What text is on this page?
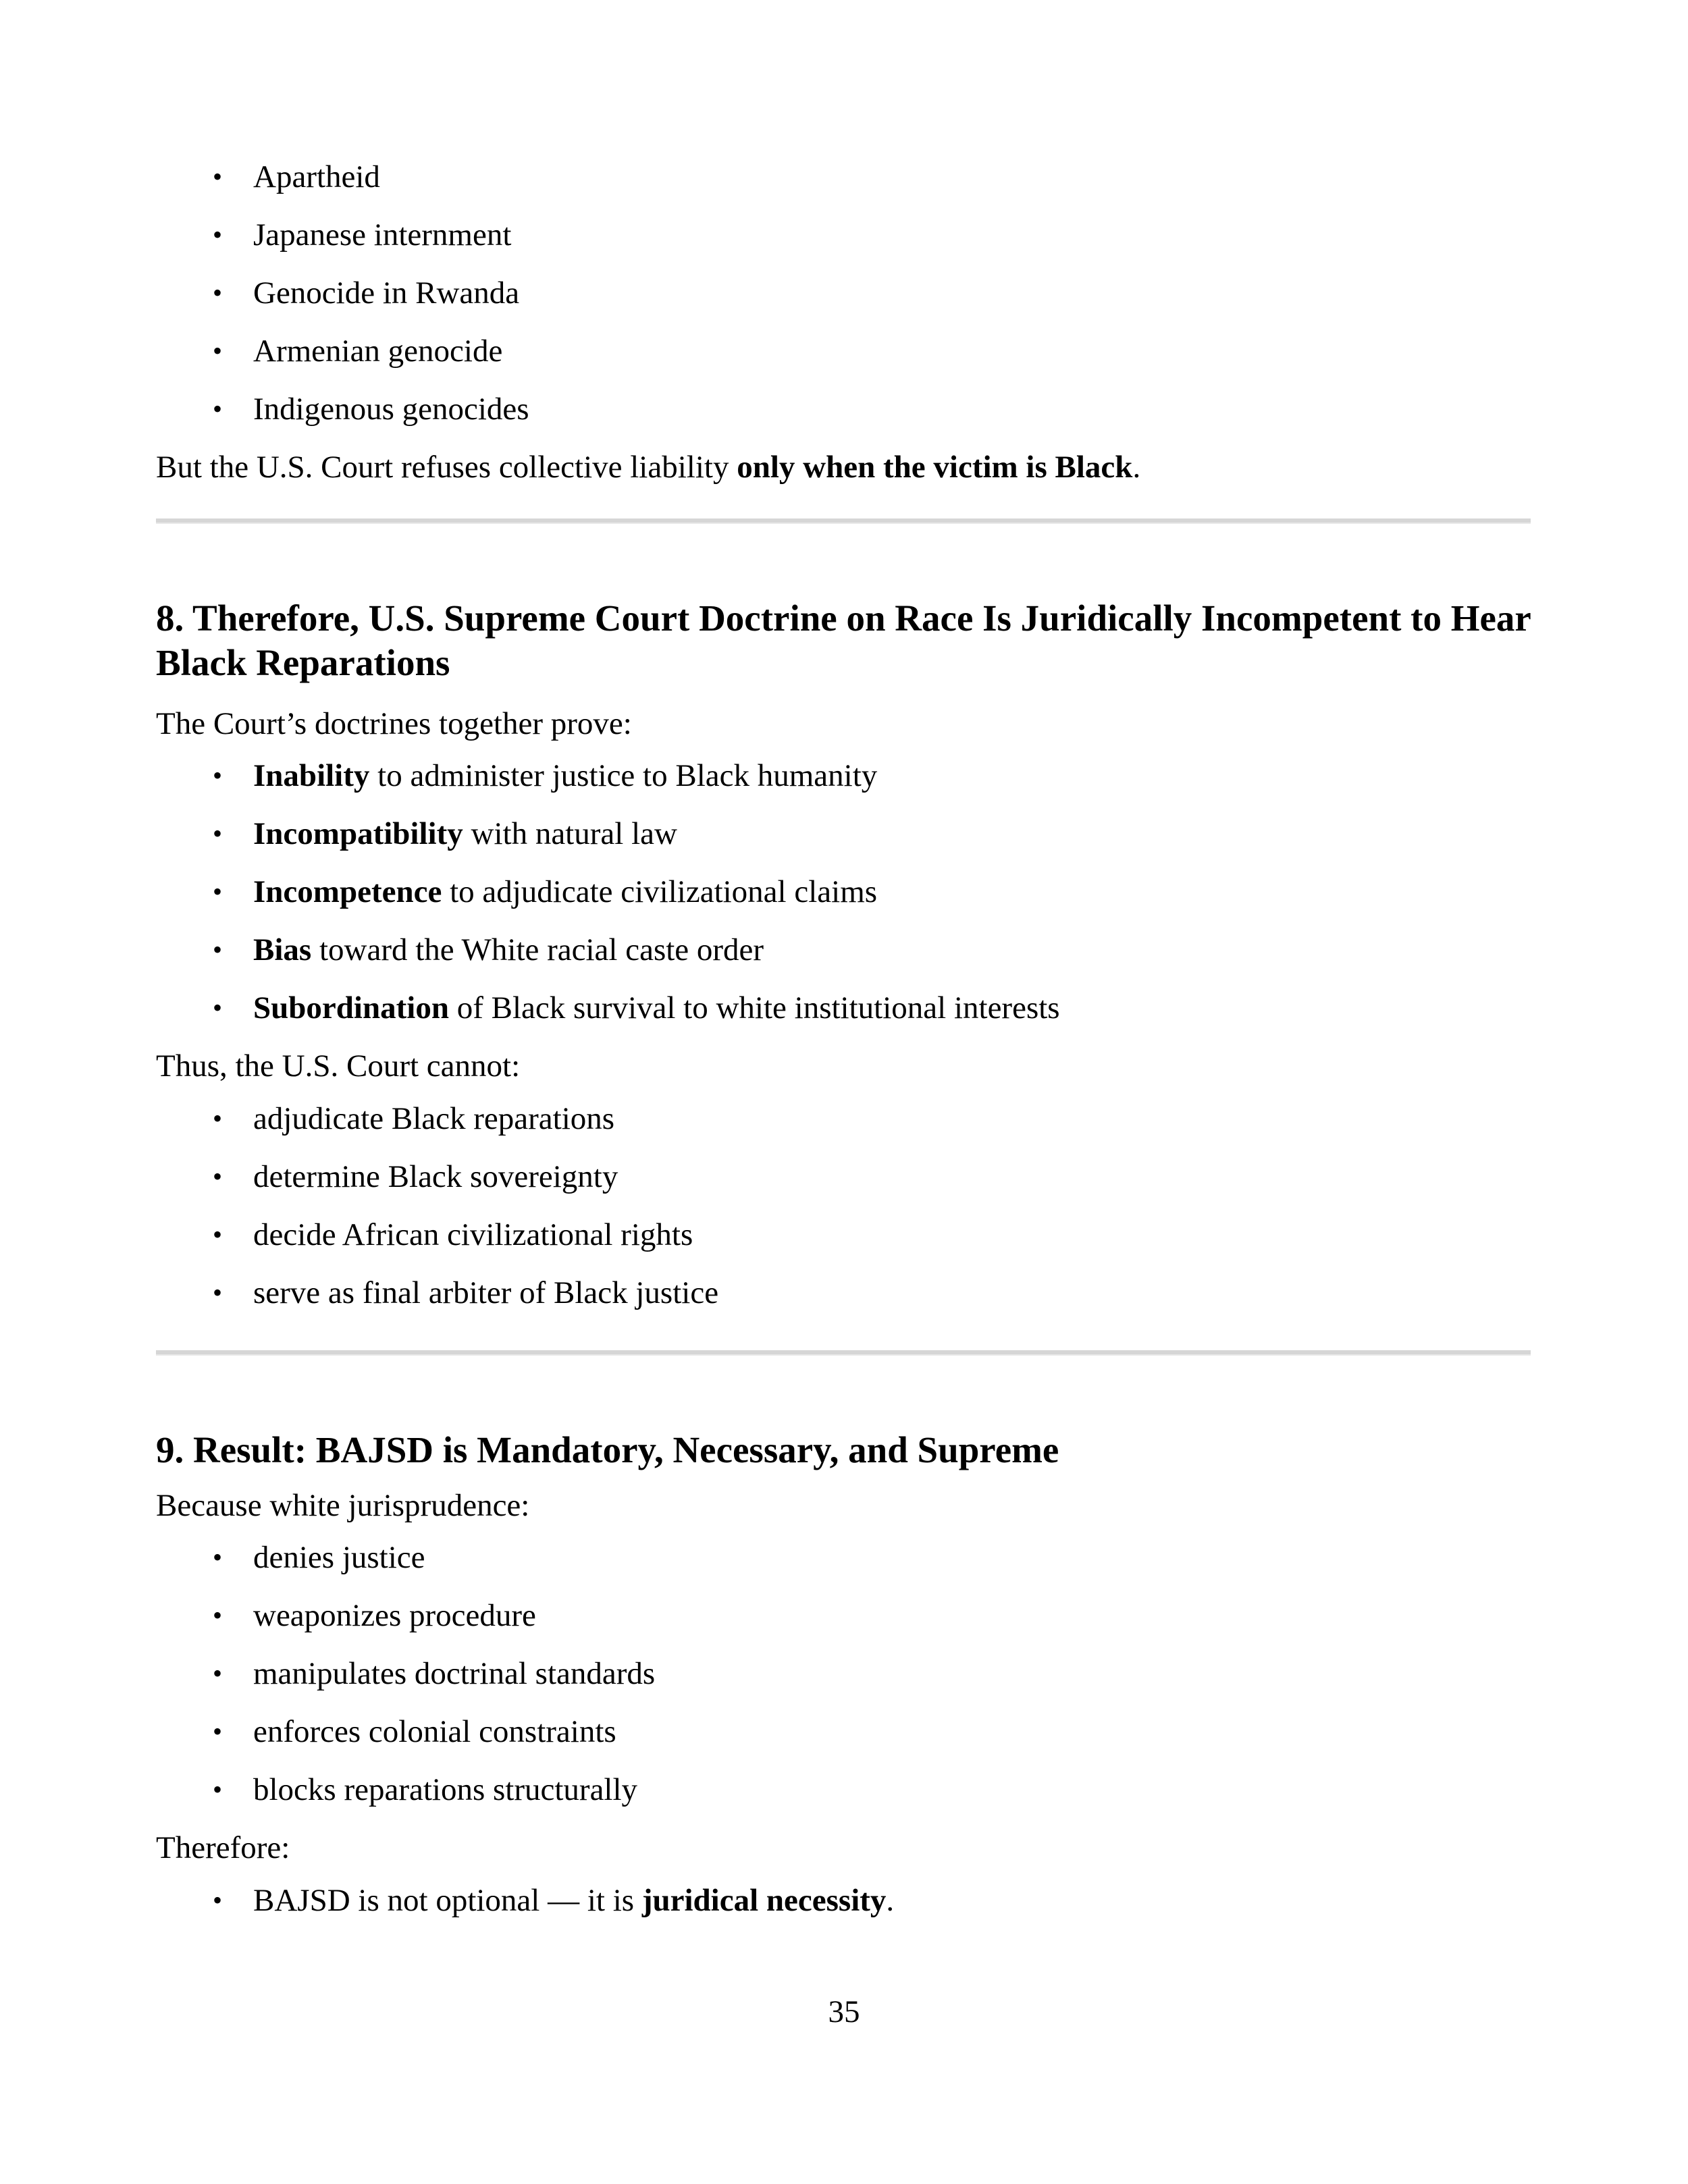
• Apartheid
• Japanese internment
• Genocide in Rwanda
• Armenian genocide
• Indigenous genocides
But the U.S. Court refuses collective liability only when the victim is Black.
8. Therefore, U.S. Supreme Court Doctrine on Race Is Juridically Incompetent to Hear Black Reparations
The Court’s doctrines together prove:
• Inability to administer justice to Black humanity
• Incompatibility with natural law
• Incompetence to adjudicate civilizational claims
• Bias toward the White racial caste order
• Subordination of Black survival to white institutional interests
Thus, the U.S. Court cannot:
• adjudicate Black reparations
• determine Black sovereignty
• decide African civilizational rights
• serve as final arbiter of Black justice
9. Result: BAJSD is Mandatory, Necessary, and Supreme
Because white jurisprudence:
• denies justice
• weaponizes procedure
• manipulates doctrinal standards
• enforces colonial constraints
• blocks reparations structurally
Therefore:
• BAJSD is not optional — it is juridical necessity.
35
